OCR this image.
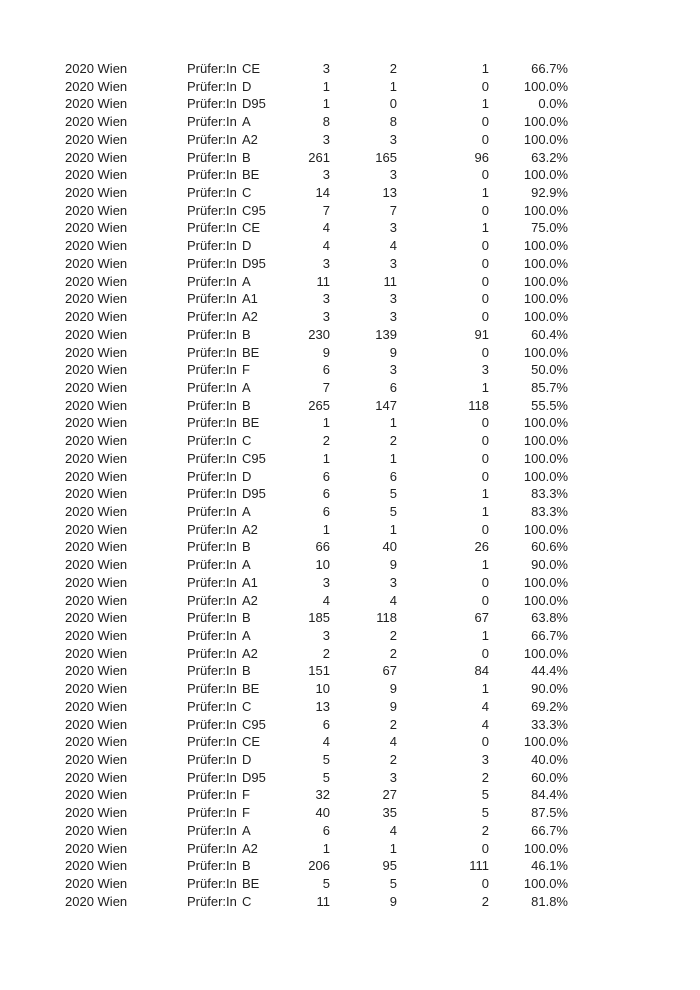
2020 Wien	Prüfer:In CE	3	2	1	66.7%
2020 Wien	Prüfer:In D	1	1	0	100.0%
2020 Wien	Prüfer:In D95	1	0	1	0.0%
2020 Wien	Prüfer:In A	8	8	0	100.0%
2020 Wien	Prüfer:In A2	3	3	0	100.0%
2020 Wien	Prüfer:In B	261	165	96	63.2%
2020 Wien	Prüfer:In BE	3	3	0	100.0%
2020 Wien	Prüfer:In C	14	13	1	92.9%
2020 Wien	Prüfer:In C95	7	7	0	100.0%
2020 Wien	Prüfer:In CE	4	3	1	75.0%
2020 Wien	Prüfer:In D	4	4	0	100.0%
2020 Wien	Prüfer:In D95	3	3	0	100.0%
2020 Wien	Prüfer:In A	11	11	0	100.0%
2020 Wien	Prüfer:In A1	3	3	0	100.0%
2020 Wien	Prüfer:In A2	3	3	0	100.0%
2020 Wien	Prüfer:In B	230	139	91	60.4%
2020 Wien	Prüfer:In BE	9	9	0	100.0%
2020 Wien	Prüfer:In F	6	3	3	50.0%
2020 Wien	Prüfer:In A	7	6	1	85.7%
2020 Wien	Prüfer:In B	265	147	118	55.5%
2020 Wien	Prüfer:In BE	1	1	0	100.0%
2020 Wien	Prüfer:In C	2	2	0	100.0%
2020 Wien	Prüfer:In C95	1	1	0	100.0%
2020 Wien	Prüfer:In D	6	6	0	100.0%
2020 Wien	Prüfer:In D95	6	5	1	83.3%
2020 Wien	Prüfer:In A	6	5	1	83.3%
2020 Wien	Prüfer:In A2	1	1	0	100.0%
2020 Wien	Prüfer:In B	66	40	26	60.6%
2020 Wien	Prüfer:In A	10	9	1	90.0%
2020 Wien	Prüfer:In A1	3	3	0	100.0%
2020 Wien	Prüfer:In A2	4	4	0	100.0%
2020 Wien	Prüfer:In B	185	118	67	63.8%
2020 Wien	Prüfer:In A	3	2	1	66.7%
2020 Wien	Prüfer:In A2	2	2	0	100.0%
2020 Wien	Prüfer:In B	151	67	84	44.4%
2020 Wien	Prüfer:In BE	10	9	1	90.0%
2020 Wien	Prüfer:In C	13	9	4	69.2%
2020 Wien	Prüfer:In C95	6	2	4	33.3%
2020 Wien	Prüfer:In CE	4	4	0	100.0%
2020 Wien	Prüfer:In D	5	2	3	40.0%
2020 Wien	Prüfer:In D95	5	3	2	60.0%
2020 Wien	Prüfer:In F	32	27	5	84.4%
2020 Wien	Prüfer:In F	40	35	5	87.5%
2020 Wien	Prüfer:In A	6	4	2	66.7%
2020 Wien	Prüfer:In A2	1	1	0	100.0%
2020 Wien	Prüfer:In B	206	95	111	46.1%
2020 Wien	Prüfer:In BE	5	5	0	100.0%
2020 Wien	Prüfer:In C	11	9	2	81.8%
